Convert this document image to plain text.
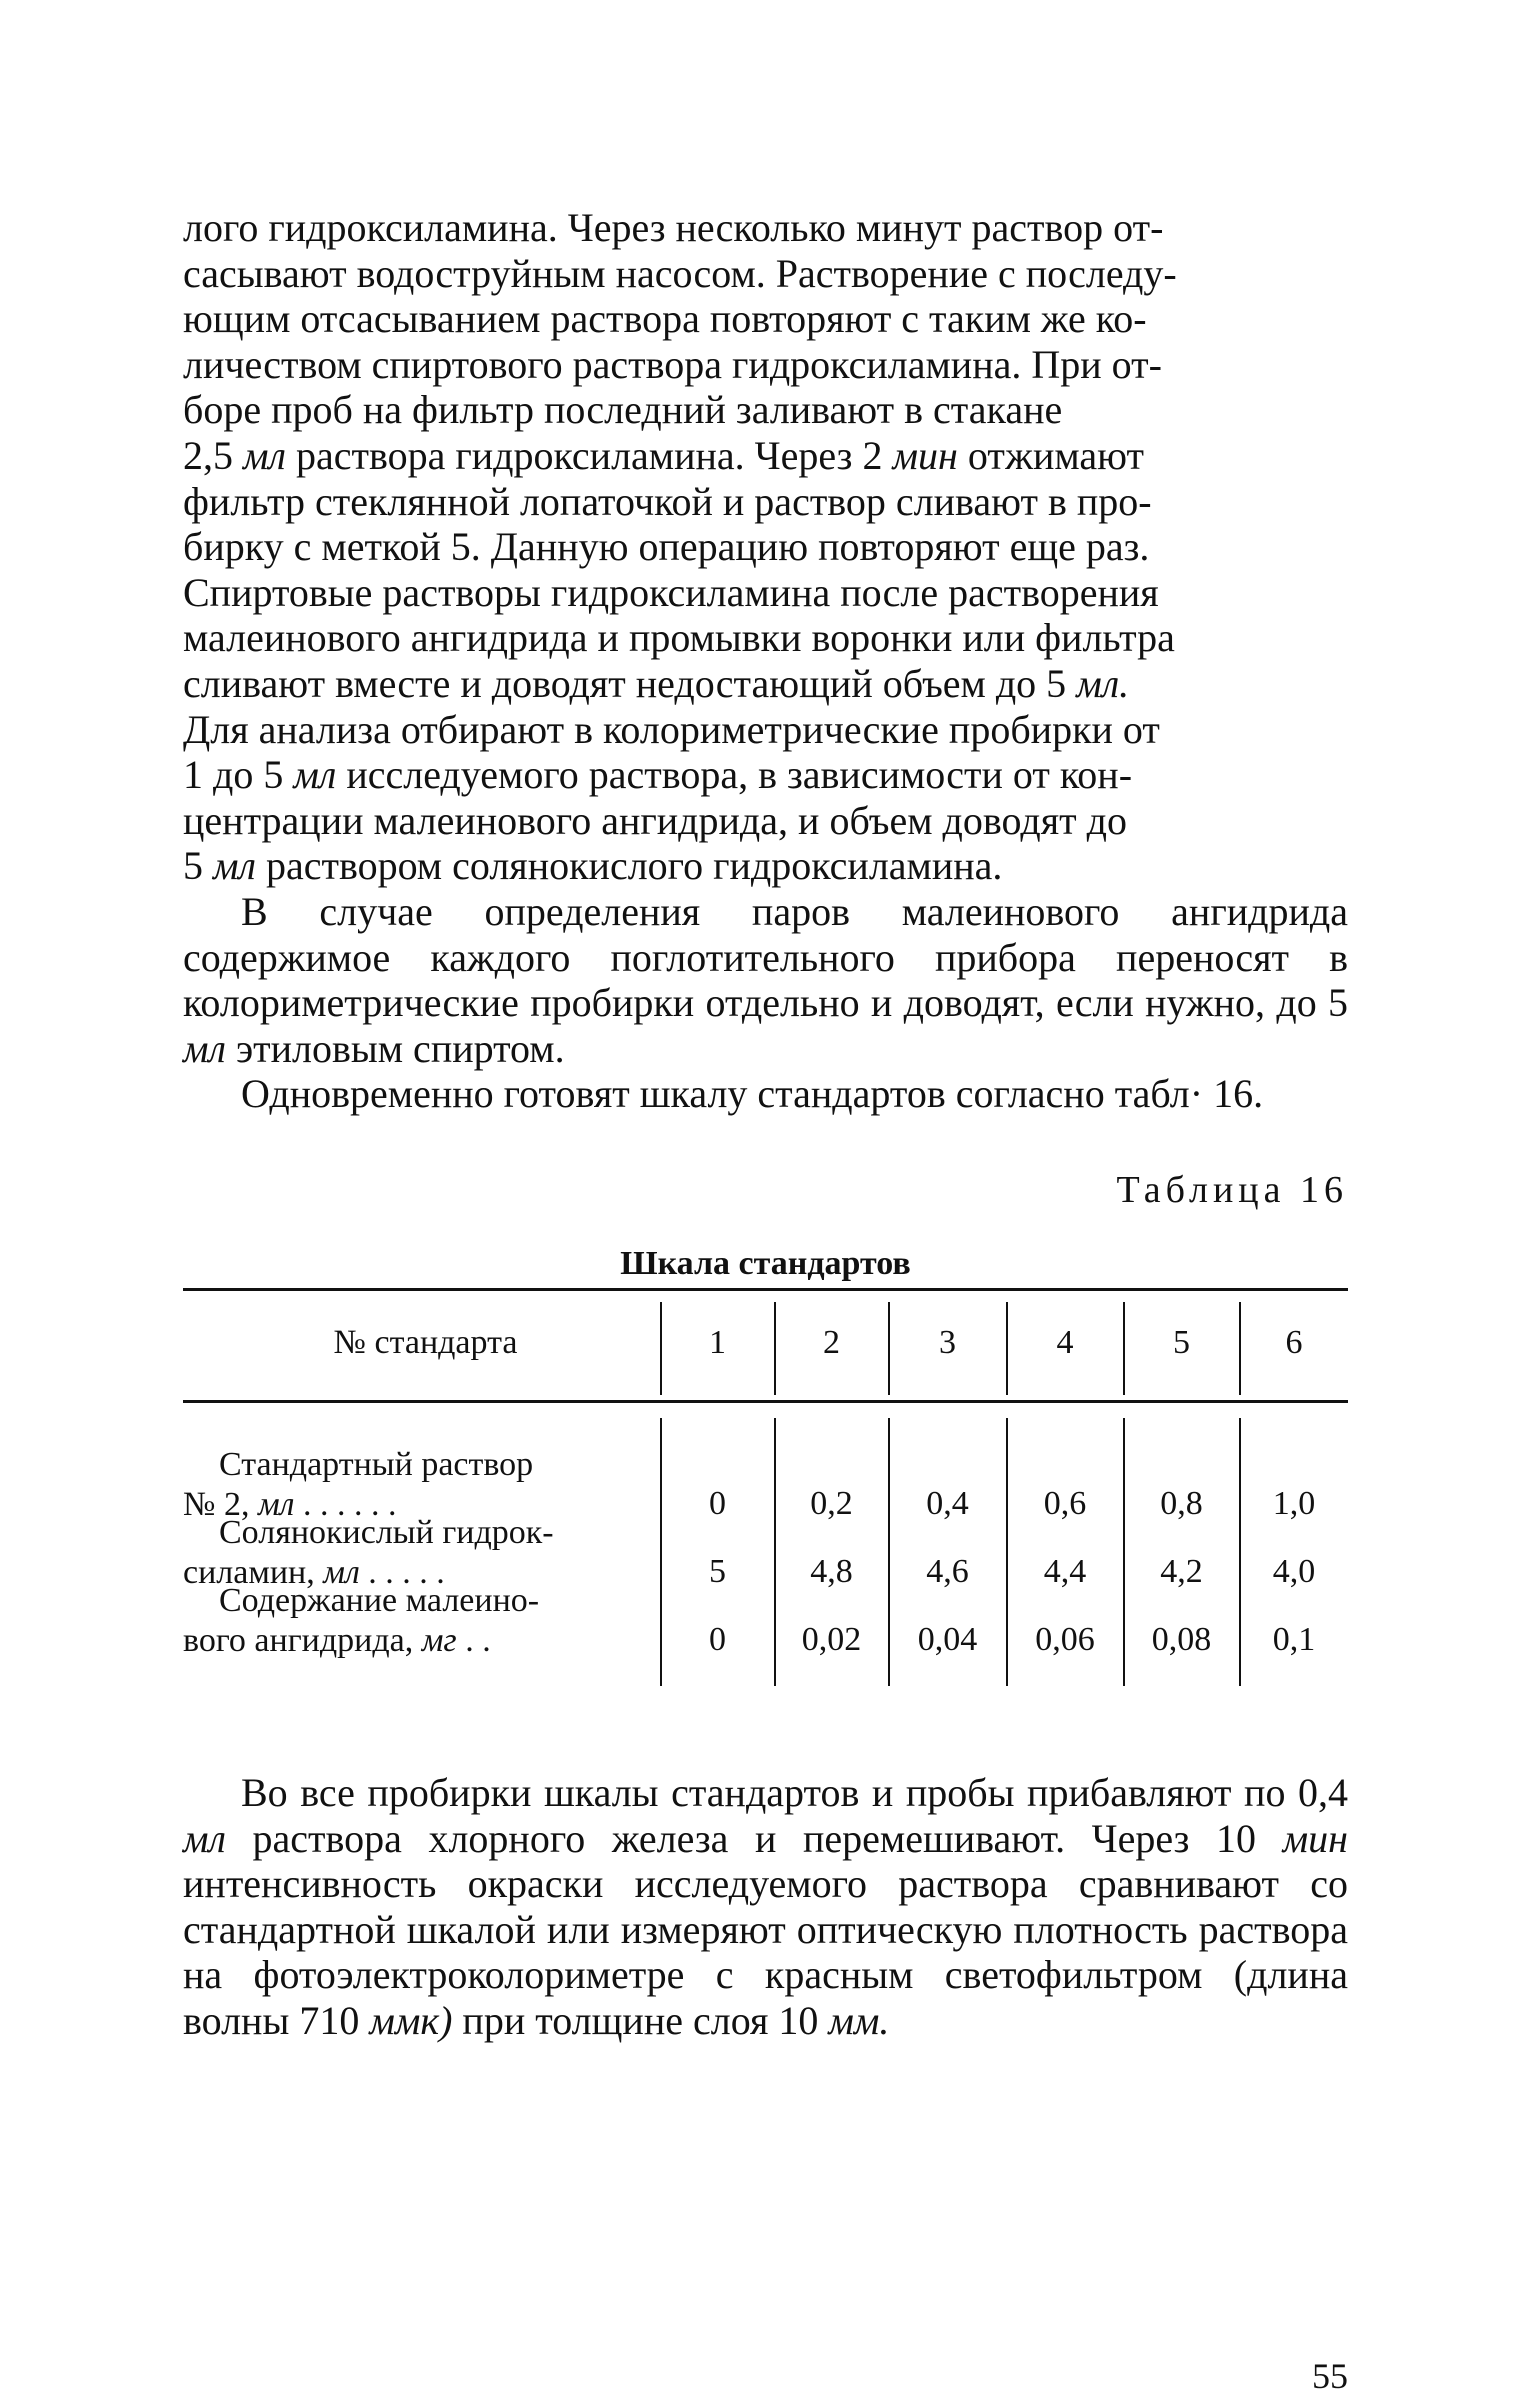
лого гидроксиламина. Через несколько минут раствор от-

сасывают водоструйным насосом. Растворение с последу-

ющим отсасыванием раствора повторяют с таким же ко-

личеством спиртового раствора гидроксиламина. При от-

боре проб на фильтр последний заливают в стакане

2,5 мл раствора гидроксиламина. Через 2 мин отжимают

фильтр стеклянной лопаточкой и раствор сливают в про-

бирку с меткой 5. Данную операцию повторяют еще раз.

Спиртовые растворы гидроксиламина после растворения

малеинового ангидрида и промывки воронки или фильтра

сливают вместе и доводят недостающий объем до 5 мл.

Для анализа отбирают в колориметрические пробирки от

1 до 5 мл исследуемого раствора, в зависимости от кон-

центрации малеинового ангидрида, и объем доводят до

5 мл раствором солянокислого гидроксиламина.

В случае определения паров малеинового ангидрида содержимое каждого поглотительного прибора переносят в колориметрические пробирки отдельно и доводят, если нужно, до 5 мл этиловым спиртом.
Одновременно готовят шкалу стандартов согласно табл· 16.
Таблица 16
Шкала стандартов
№ стандарта	1	2	3	4	5	6
Стандартный раствор
№ 2, мл . . . . . .	0	0,2	0,4	0,6	0,8	1,0
Солянокислый гидрок-
силамин, мл . . . . .	5	4,8	4,6	4,4	4,2	4,0
Содержание малеино-
вого ангидрида, мг . .	0	0,02	0,04	0,06	0,08	0,1
Во все пробирки шкалы стандартов и пробы прибавляют по 0,4 мл раствора хлорного железа и перемешивают. Через 10 мин интенсивность окраски исследуемого раствора сравнивают со стандартной шкалой или измеряют оптическую плотность раствора на фотоэлектроколориметре с красным светофильтром (длина волны 710 ммк) при толщине слоя 10 мм.
55
